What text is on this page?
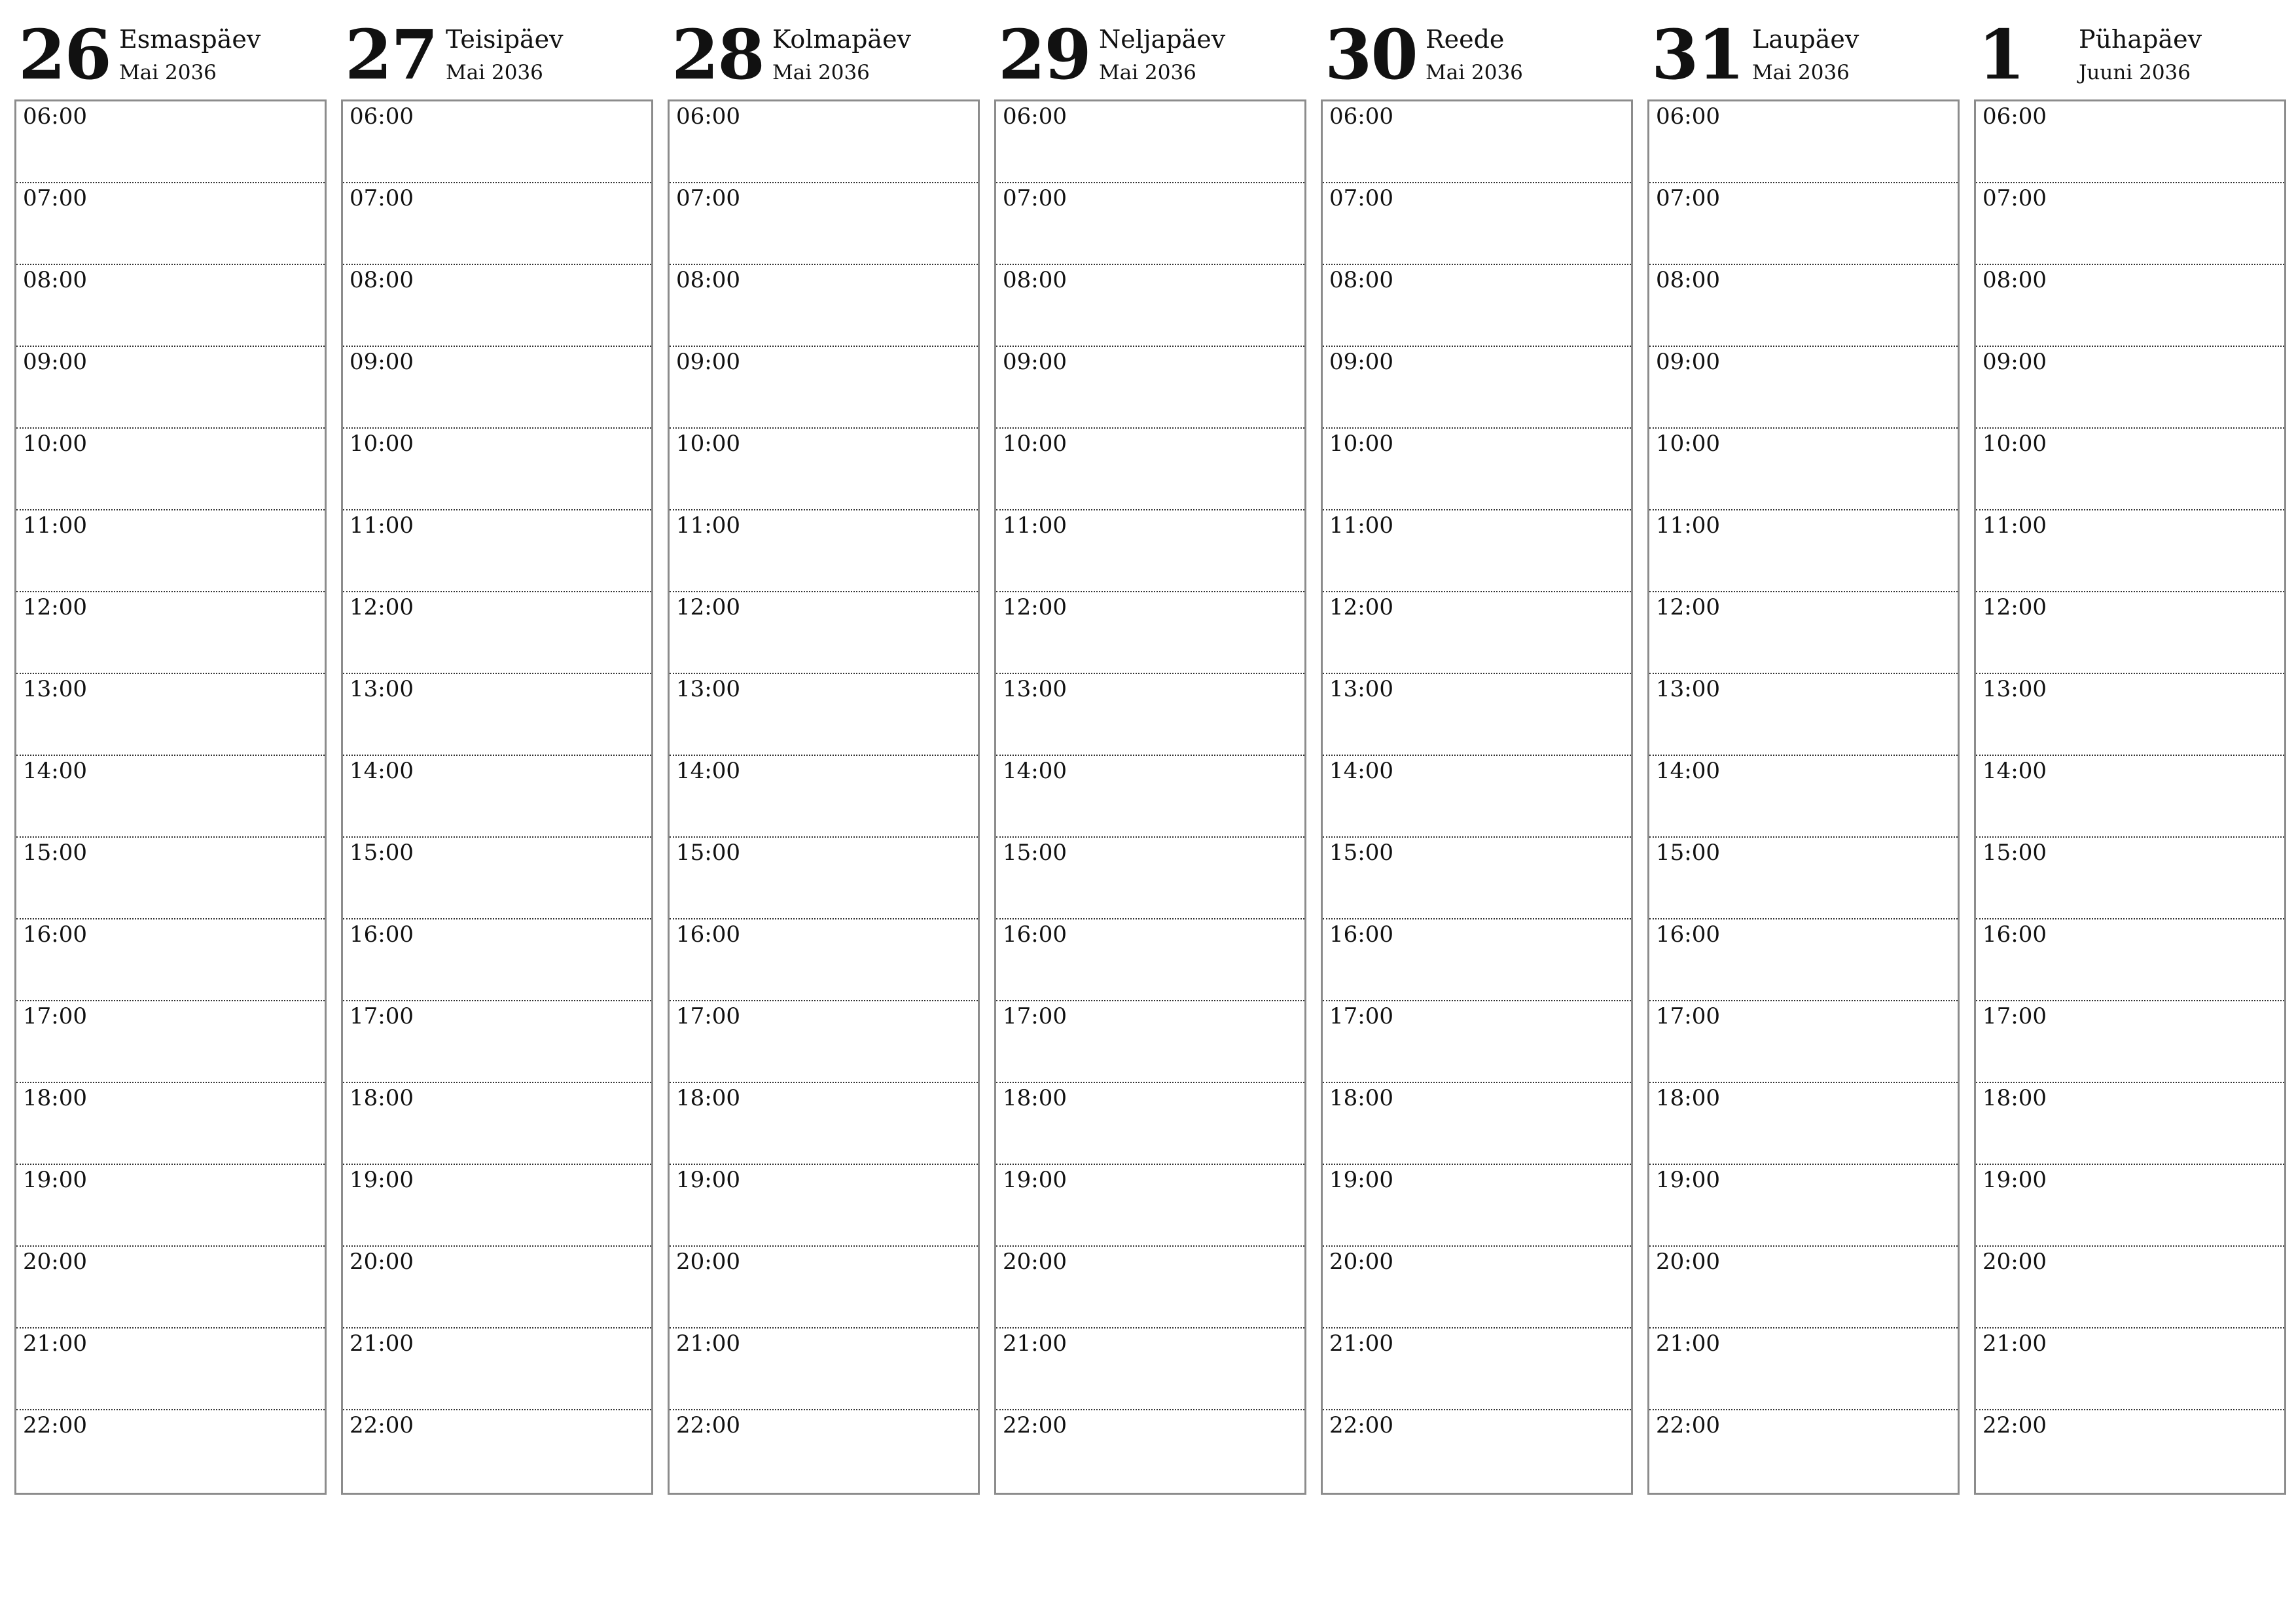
26 Esmaspäev
Mai 2036
06:00
07:00
08:00
09:00
10:00
11:00
12:00
13:00
14:00
15:00
16:00
17:00
18:00
19:00
20:00
21:00
22:00
27 Teisipäev
Mai 2036
06:00
07:00
08:00
09:00
10:00
11:00
12:00
13:00
14:00
15:00
16:00
17:00
18:00
19:00
20:00
21:00
22:00
28 Kolmapäev
Mai 2036
06:00
07:00
08:00
09:00
10:00
11:00
12:00
13:00
14:00
15:00
16:00
17:00
18:00
19:00
20:00
21:00
22:00
29 Neljapäev
Mai 2036
06:00
07:00
08:00
09:00
10:00
11:00
12:00
13:00
14:00
15:00
16:00
17:00
18:00
19:00
20:00
21:00
22:00
30 Reede
Mai 2036
06:00
07:00
08:00
09:00
10:00
11:00
12:00
13:00
14:00
15:00
16:00
17:00
18:00
19:00
20:00
21:00
22:00
31 Laupäev
Mai 2036
06:00
07:00
08:00
09:00
10:00
11:00
12:00
13:00
14:00
15:00
16:00
17:00
18:00
19:00
20:00
21:00
22:00
1 Pühapäev
Juuni 2036
06:00
07:00
08:00
09:00
10:00
11:00
12:00
13:00
14:00
15:00
16:00
17:00
18:00
19:00
20:00
21:00
22:00
